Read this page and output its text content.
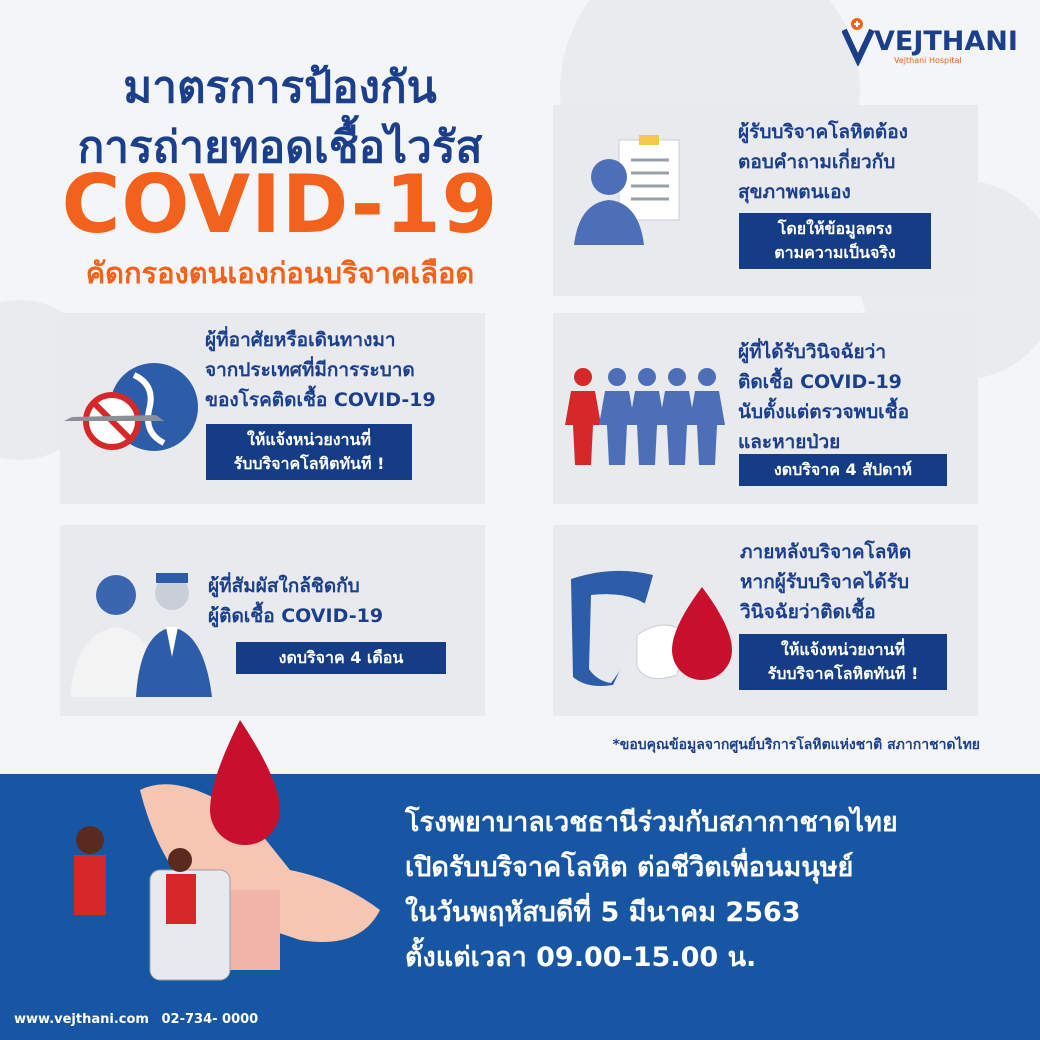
VEJTHANI
Vejthani Hospital
มาตรการป้องกัน
การถ่ายทอดเชื้อไวรัส
COVID-19
คัดกรองตนเองก่อนบริจาคเลือด
ผู้รับบริจาคโลหิตต้อง
ตอบคำถามเกี่ยวกับ
สุขภาพตนเอง
โดยให้ข้อมูลตรง
ตามความเป็นจริง
ผู้ที่อาศัยหรือเดินทางมา
จากประเทศที่มีการระบาด
ของโรคติดเชื้อ COVID-19
ให้แจ้งหน่วยงานที่
รับบริจาคโลหิตทันที !
ผู้ที่ได้รับวินิจฉัยว่า
ติดเชื้อ COVID-19
นับตั้งแต่ตรวจพบเชื้อ
และหายป่วย
งดบริจาค 4 สัปดาห์
ผู้ที่สัมผัสใกล้ชิดกับ
ผู้ติดเชื้อ COVID-19
งดบริจาค 4 เดือน
ภายหลังบริจาคโลหิต
หากผู้รับบริจาคได้รับ
วินิจฉัยว่าติดเชื้อ
ให้แจ้งหน่วยงานที่
รับบริจาคโลหิตทันที !
*ขอบคุณข้อมูลจากศูนย์บริการโลหิตแห่งชาติ สภากาชาดไทย
โรงพยาบาลเวชธานีร่วมกับสภากาชาดไทย
เปิดรับบริจาคโลหิต ต่อชีวิตเพื่อนมนุษย์
ในวันพฤหัสบดีที่ 5 มีนาคม 2563
ตั้งแต่เวลา 09.00-15.00 น.
www.vejthani.com 02-734- 0000
